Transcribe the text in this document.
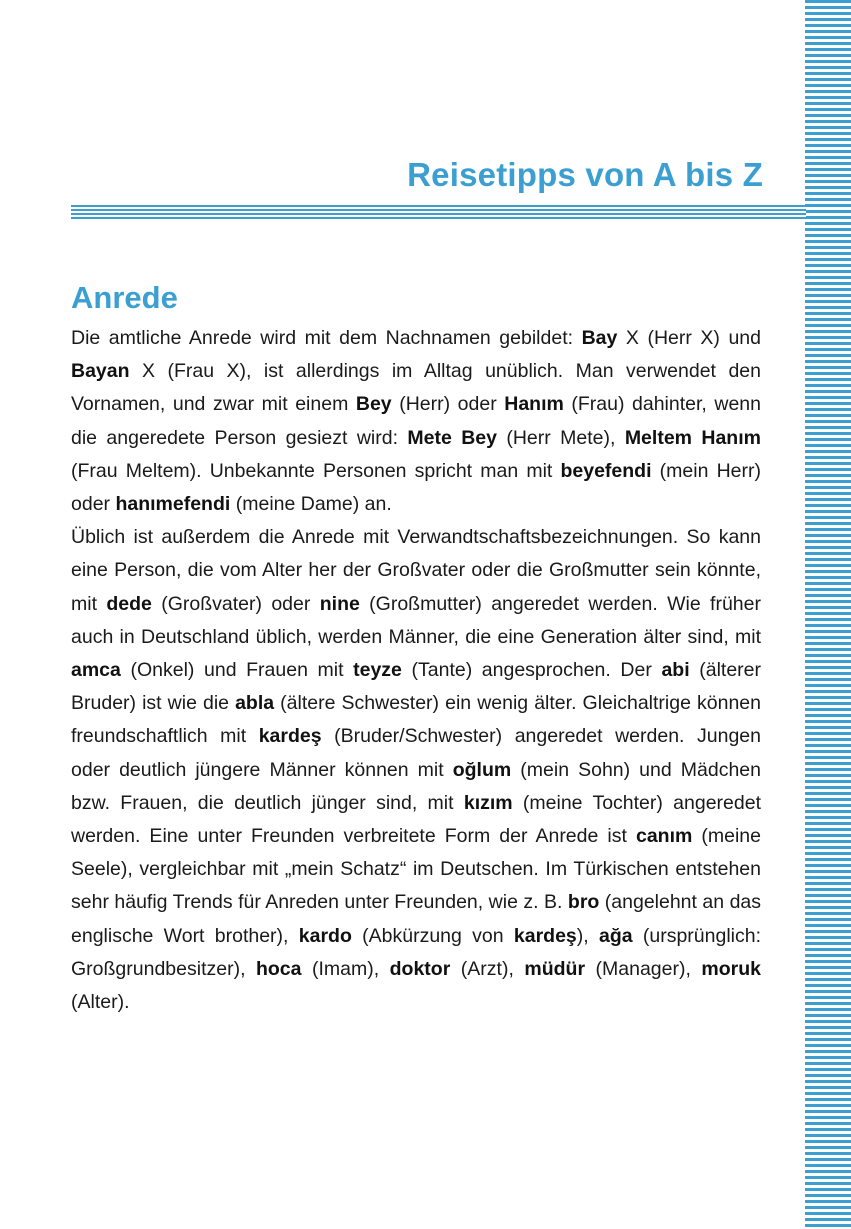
Reisetipps von A bis Z
Anrede

Die amtliche Anrede wird mit dem Nachnamen gebildet: Bay X (Herr X) und Bayan X (Frau X), ist allerdings im Alltag unüblich. Man verwendet den Vornamen, und zwar mit einem Bey (Herr) oder Hanım (Frau) dahinter, wenn die angeredete Person gesiezt wird: Mete Bey (Herr Mete), Meltem Hanım (Frau Meltem). Unbekannte Personen spricht man mit beyefendi (mein Herr) oder hanımefendi (meine Dame) an.

Üblich ist außerdem die Anrede mit Verwandtschaftsbezeichnungen. So kann eine Person, die vom Alter her der Großvater oder die Großmutter sein könnte, mit dede (Großvater) oder nine (Großmutter) angeredet werden. Wie früher auch in Deutschland üblich, werden Männer, die eine Generation älter sind, mit amca (Onkel) und Frauen mit teyze (Tante) angesprochen. Der abi (älterer Bruder) ist wie die abla (ältere Schwester) ein wenig älter. Gleichaltrige können freundschaftlich mit kardeş (Bruder/Schwester) angeredet werden. Jungen oder deutlich jüngere Männer können mit oğlum (mein Sohn) und Mädchen bzw. Frauen, die deutlich jünger sind, mit kızım (meine Tochter) angeredet werden. Eine unter Freunden verbreitete Form der Anrede ist canım (meine Seele), vergleichbar mit „mein Schatz“ im Deutschen. Im Türkischen entstehen sehr häufig Trends für Anreden unter Freunden, wie z. B. bro (angelehnt an das englische Wort brother), kardo (Abkürzung von kardeş), ağa (ursprünglich: Großgrundbesitzer), hoca (Imam), doktor (Arzt), müdür (Manager), moruk (Alter).
